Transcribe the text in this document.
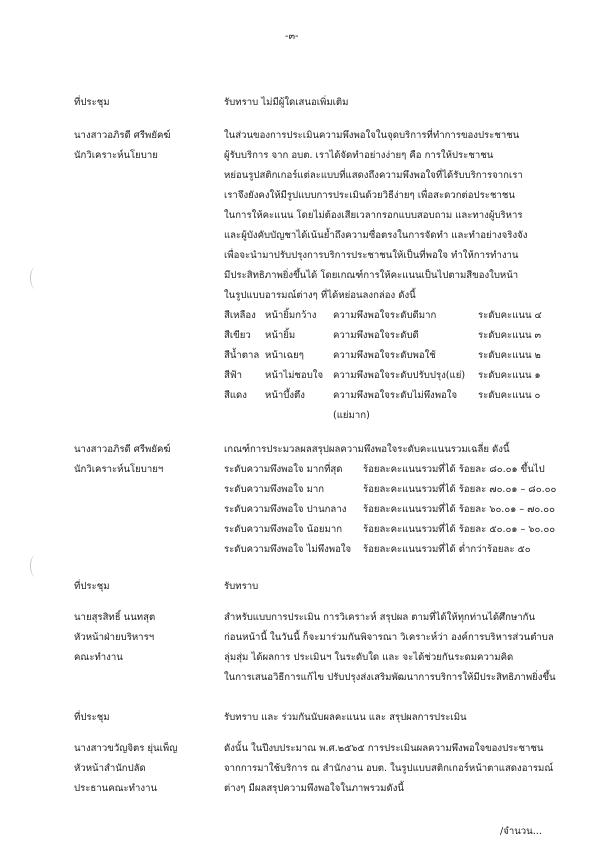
-๓-
ที่ประชุม	รับทราบ ไม่มีผู้ใดเสนอเพิ่มเติม
นางสาวอภิรดี ศรีพยัคฆ์
นักวิเคราะห์นโยบาย
ในส่วนของการประเมินความพึงพอใจในจุดบริการที่ทำการของประชาชน
ผู้รับบริการ จาก อบต. เราได้จัดทำอย่างง่ายๆ คือ การให้ประชาชน
หย่อนรูปสติกเกอร์แต่ละแบบที่แสดงถึงความพึงพอใจที่ได้รับบริการจากเรา
เราจึงยังคงให้มีรูปแบบการประเมินด้วยวิธีง่ายๆ เพื่อสะดวกต่อประชาชน
ในการให้คะแนน โดยไม่ต้องเสียเวลากรอกแบบสอบถาม และทางผู้บริหาร
และผู้บังคับบัญชาได้เน้นย้ำถึงความซื่อตรงในการจัดทำ และทำอย่างจริงจัง
เพื่อจะนำมาปรับปรุงการบริการประชาชนให้เป็นที่พอใจ ทำให้การทำงาน
มีประสิทธิภาพยิ่งขึ้นได้ โดยเกณฑ์การให้คะแนนเป็นไปตามสีของใบหน้า
ในรูปแบบอารมณ์ต่างๆ ที่ได้หย่อนลงกล่อง ดังนี้
สีเหลือง หน้ายิ้มกว้าง ความพึงพอใจระดับดีมาก	ระดับคะแนน ๔
สีเขียว หน้ายิ้ม	ความพึงพอใจระดับดี	ระดับคะแนน ๓
สีน้ำตาล หน้าเฉยๆ	ความพึงพอใจระดับพอใช้	ระดับคะแนน ๒
สีฟ้า หน้าไม่ชอบใจ ความพึงพอใจระดับปรับปรุง(แย่) ระดับคะแนน ๑
สีแดง หน้าบึ้งตึง	ความพึงพอใจระดับไม่พึงพอใจ ระดับคะแนน ๐
(แย่มาก)
นางสาวอภิรดี ศรีพยัคฆ์
นักวิเคราะห์นโยบายฯ
เกณฑ์การประมวลผลสรุปผลความพึงพอใจระดับคะแนนรวมเฉลี่ย ดังนี้
ระดับความพึงพอใจ มากที่สุด ร้อยละคะแนนรวมที่ได้ ร้อยละ ๘๐.๐๑ ขึ้นไป
ระดับความพึงพอใจ มาก	ร้อยละคะแนนรวมที่ได้ ร้อยละ ๗๐.๐๑ – ๘๐.๐๐
ระดับความพึงพอใจ ปานกลาง ร้อยละคะแนนรวมที่ได้ ร้อยละ ๖๐.๐๑ – ๗๐.๐๐
ระดับความพึงพอใจ น้อยมาก ร้อยละคะแนนรวมที่ได้ ร้อยละ ๕๐.๐๑ – ๖๐.๐๐
ระดับความพึงพอใจ ไม่พึงพอใจ ร้อยละคะแนนรวมที่ได้ ต่ำกว่าร้อยละ ๕๐
ที่ประชุม	รับทราบ
นายสุรสิทธิ์ นนทสุต
หัวหน้าฝ่ายบริหารฯ
คณะทำงาน
สำหรับแบบการประเมิน การวิเคราะห์ สรุปผล ตามที่ได้ให้ทุกท่านได้ศึกษากัน
ก่อนหน้านี้ ในวันนี้ ก็จะมาร่วมกันพิจารณา วิเคราะห์ว่า องค์การบริหารส่วนตำบล
ลุ่มสุ่ม ได้ผลการ ประเมินฯ ในระดับใด และ จะได้ช่วยกันระดมความคิด
ในการเสนอวิธีการแก้ไข ปรับปรุงส่งเสริมพัฒนาการบริการให้มีประสิทธิภาพยิ่งขึ้น
ที่ประชุม	รับทราบ และ ร่วมกันนับผลคะแนน และ สรุปผลการประเมิน
นางสาวขวัญจิตร ยุ่นเพ็ญ
หัวหน้าสำนักปลัด
ประธานคณะทำงาน
ดังนั้น ในปีงบประมาณ พ.ศ.๒๕๖๕ การประเมินผลความพึงพอใจของประชาชน
จากการมาใช้บริการ ณ สำนักงาน อบต. ในรูปแบบสติกเกอร์หน้าตาแสดงอารมณ์
ต่างๆ มีผลสรุปความพึงพอใจในภาพรวมดังนี้
/จำนวน...
